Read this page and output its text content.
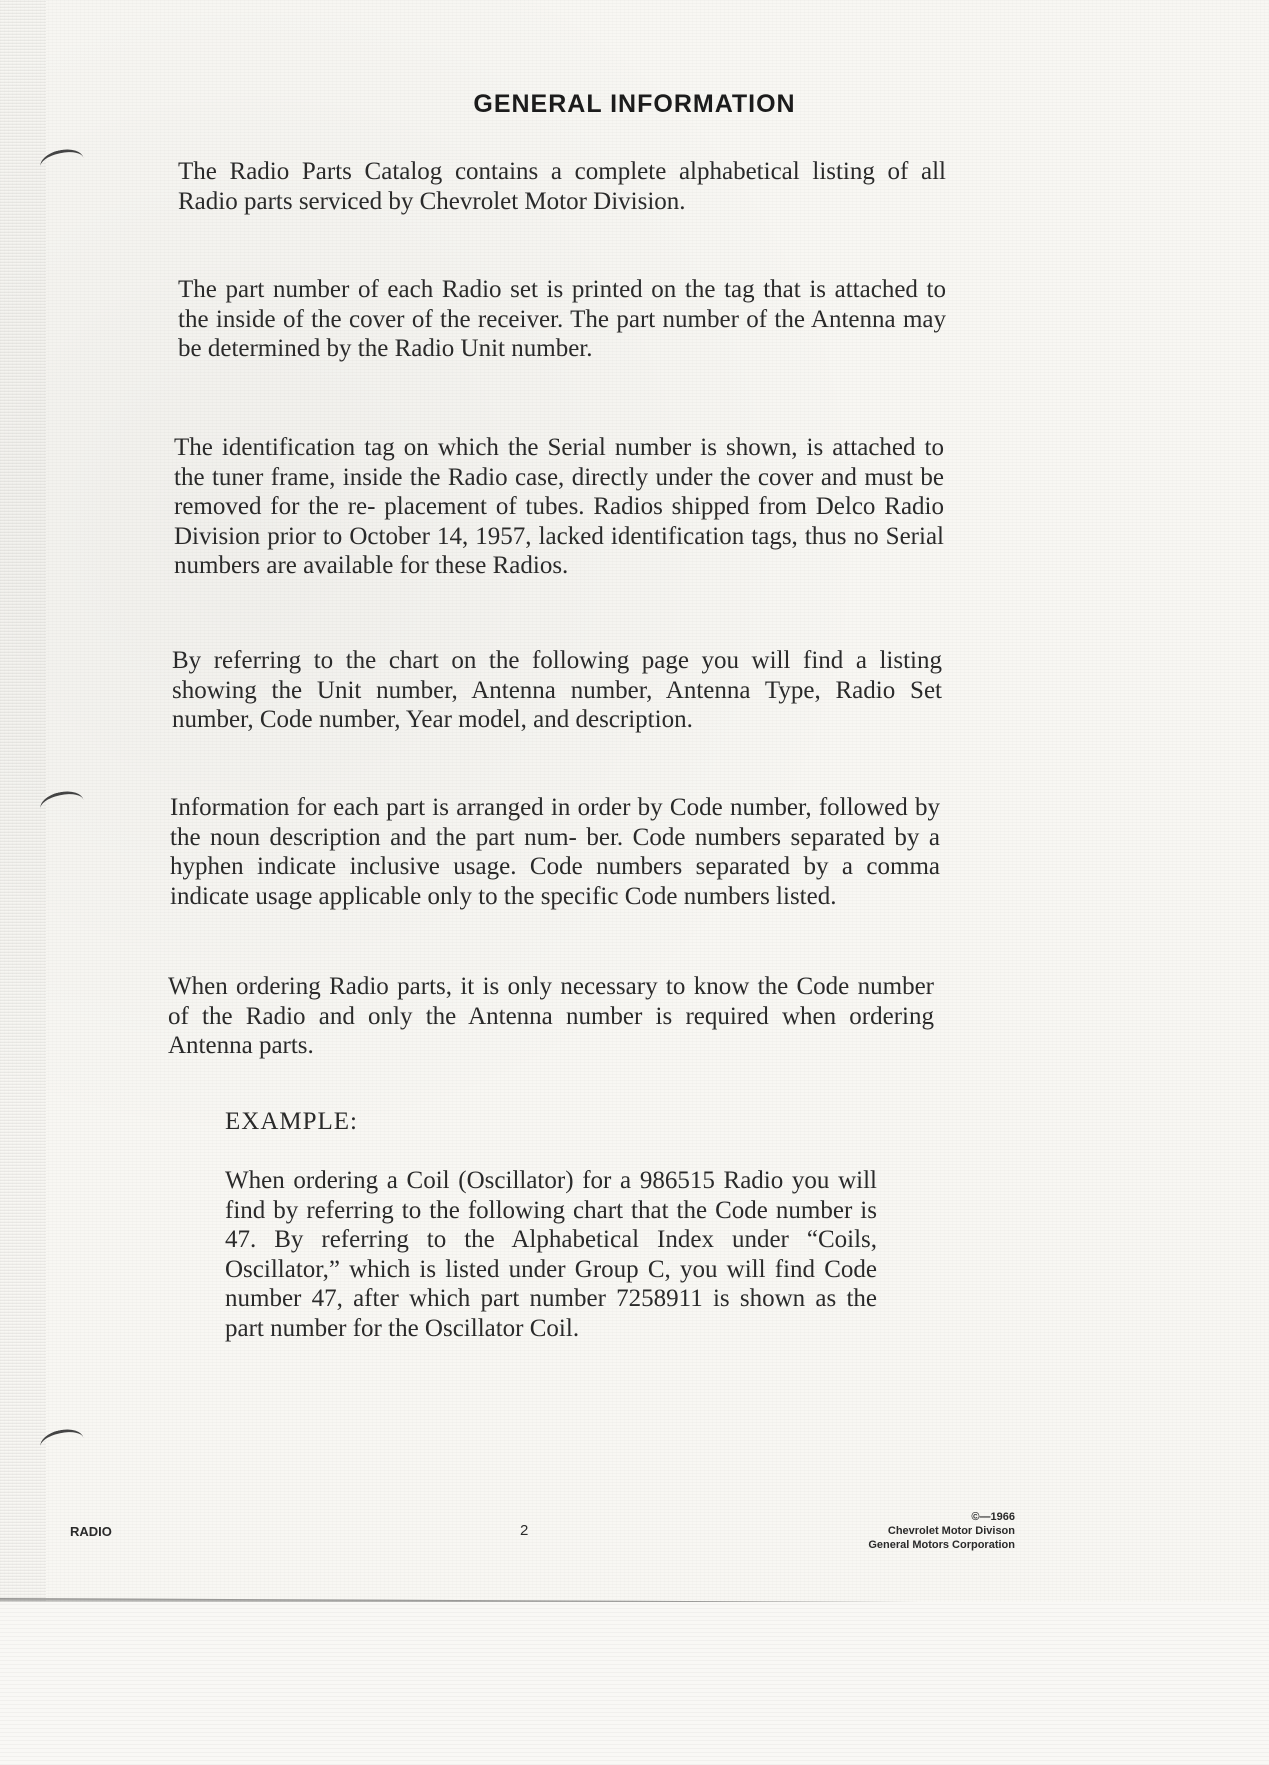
GENERAL INFORMATION

The Radio Parts Catalog contains a complete alphabetical listing of all Radio parts serviced by Chevrolet Motor Division.

The part number of each Radio set is printed on the tag that is attached to the inside of the cover of the receiver. The part number of the Antenna may be determined by the Radio Unit number.

The identification tag on which the Serial number is shown, is attached to the tuner frame, inside the Radio case, directly under the cover and must be removed for the re- placement of tubes. Radios shipped from Delco Radio Division prior to October 14, 1957, lacked identification tags, thus no Serial numbers are available for these Radios.

By referring to the chart on the following page you will find a listing showing the Unit number, Antenna number, Antenna Type, Radio Set number, Code number, Year model, and description.

Information for each part is arranged in order by Code number, followed by the noun description and the part num- ber. Code numbers separated by a hyphen indicate inclusive usage. Code numbers separated by a comma indicate usage applicable only to the specific Code numbers listed.

When ordering Radio parts, it is only necessary to know the Code number of the Radio and only the Antenna number is required when ordering Antenna parts.

EXAMPLE:

When ordering a Coil (Oscillator) for a 986515 Radio you will find by referring to the following chart that the Code number is 47. By referring to the Alphabetical Index under “Coils, Oscillator,” which is listed under Group C, you will find Code number 47, after which part number 7258911 is shown as the part number for the Oscillator Coil.

RADIO	2
©—1966
Chevrolet Motor Divison
General Motors Corporation
